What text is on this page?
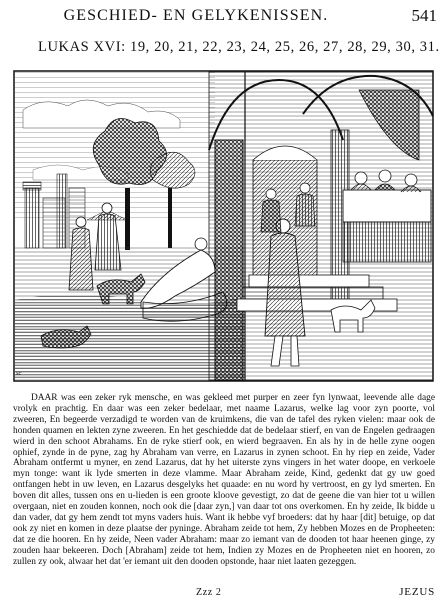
GESCHIED- EN GELYKENISSEN.	541
LUKAS XVI: 19, 20, 21, 22, 23, 24, 25, 26, 27, 28, 29, 30, 31.
sc

DAAR was een zeker ryk mensche, en was gekleed met purper en zeer fyn lynwaat, leevende alle dage vrolyk en prachtig. En daar was een zeker bedelaar, met naame Lazarus, welke lag voor zyn poorte, vol zweeren, En begeerde verzadigd te worden van de kruimkens, die van de tafel des ryken vielen: maar ook de honden quamen en lekten zyne zweeren. En het geschiedde dat de bedelaar stierf, en van de Engelen gedraagen wierd in den schoot Abrahams. En de ryke stierf ook, en wierd begraaven. En als hy in de helle zyne oogen ophief, zynde in de pyne, zag hy Abraham van verre, en Lazarus in zynen schoot. En hy riep en zeide, Vader Abraham ontfermt u myner, en zend Lazarus, dat hy het uiterste zyns vingers in het water doope, en verkoele myn tonge: want ik lyde smerten in deze vlamme. Maar Abraham zeide, Kind, gedenkt dat gy uw goed ontfangen hebt in uw leven, en Lazarus desgelyks het quaade: en nu word hy vertroost, en gy lyd smerten. En boven dit alles, tussen ons en u-lieden is een groote kloove gevestigt, zo dat de geene die van hier tot u willen overgaan, niet en zouden konnen, noch ook die [daar zyn,] van daar tot ons overkomen. En hy zeide, Ik bidde u dan vader, dat gy hem zendt tot myns vaders huis. Want ik hebbe vyf broeders: dat hy haar [dit] betuige, op dat ook zy niet en komen in deze plaatse der pyninge. Abraham zeide tot hem, Zy hebben Mozes en de Propheeten: dat ze die hooren. En hy zeide, Neen vader Abraham: maar zo iemant van de dooden tot haar heenen ginge, zy zouden haar bekeeren. Doch [Abraham] zeide tot hem, Indien zy Mozes en de Propheeten niet en hooren, zo zullen zy ook, alwaar het dat 'er iemant uit den dooden opstonde, haar niet laaten gezeggen.

Zzz 2	JEZUS
